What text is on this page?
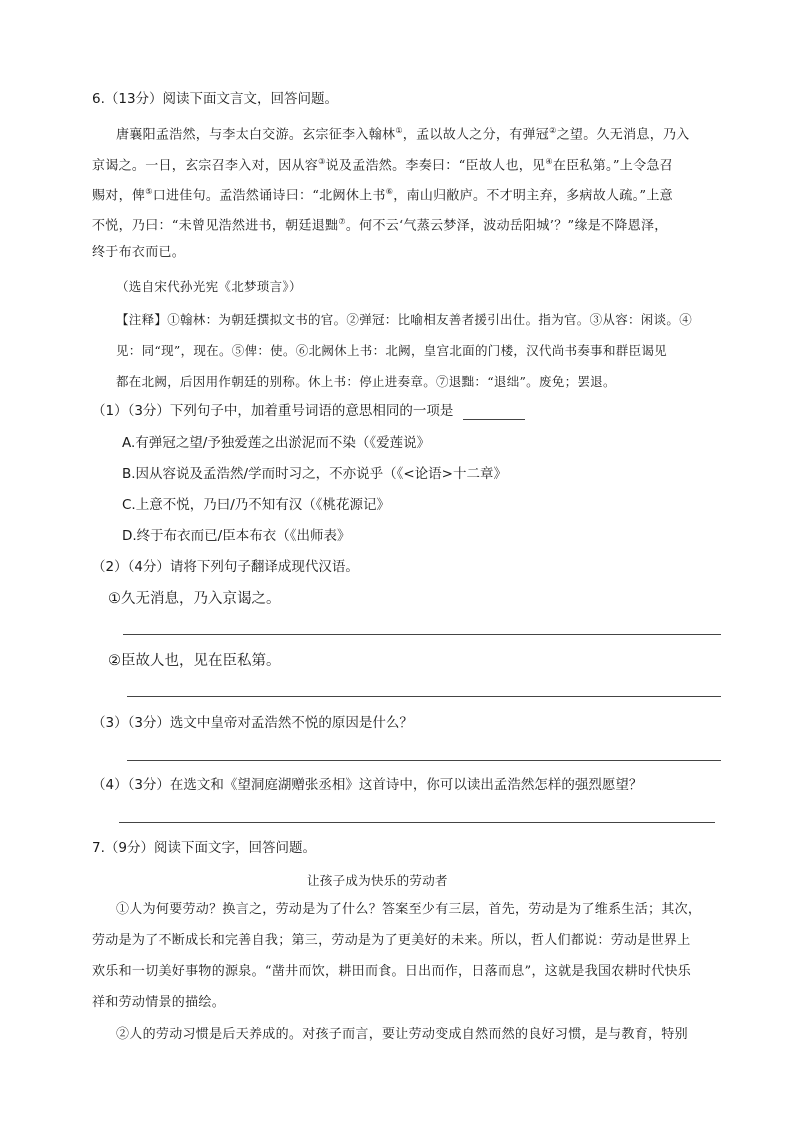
6.（13分）阅读下面文言文，回答问题。
唐襄阳孟浩然，与李太白交游。玄宗征李入翰林①，孟以故人之分，有弹冠②之望。久无消息，乃入
京谒之。一日，玄宗召李入对，因从容③说及孟浩然。李奏曰：“臣故人也，见④在臣私第。”上令急召
赐对，俾⑤口进佳句。孟浩然诵诗曰：“北阙休上书⑥，南山归敝庐。不才明主弃，多病故人疏。”上意
不悦，乃曰：“未曾见浩然进书，朝廷退黜⑦。何不云‘气蒸云梦泽，波动岳阳城’？”缘是不降恩泽，
终于布衣而已。
（选自宋代孙光宪《北梦琐言》）
【注释】①翰林：为朝廷撰拟文书的官。②弹冠：比喻相友善者援引出仕。指为官。③从容：闲谈。④
见：同“现”，现在。⑤俾：使。⑥北阙休上书：北阙，皇宫北面的门楼，汉代尚书奏事和群臣谒见
都在北阙，后因用作朝廷的别称。休上书：停止进奏章。⑦退黜：“退绌”。废免；罢退。
（1）（3分）下列句子中，加着重号词语的意思相同的一项是
A.有弹冠之望/予独爱莲之出淤泥而不染（《爱莲说》
B.因从容说及孟浩然/学而时习之，不亦说乎（《<论语>十二章》
C.上意不悦，乃曰/乃不知有汉（《桃花源记》
D.终于布衣而已/臣本布衣（《出师表》
（2）（4分）请将下列句子翻译成现代汉语。
①久无消息，乃入京谒之。
②臣故人也，见在臣私第。
（3）（3分）选文中皇帝对孟浩然不悦的原因是什么？
（4）（3分）在选文和《望洞庭湖赠张丞相》这首诗中，你可以读出孟浩然怎样的强烈愿望？
7.（9分）阅读下面文字，回答问题。
让孩子成为快乐的劳动者
①人为何要劳动？换言之，劳动是为了什么？答案至少有三层，首先，劳动是为了维系生活；其次，
劳动是为了不断成长和完善自我；第三，劳动是为了更美好的未来。所以，哲人们都说：劳动是世界上
欢乐和一切美好事物的源泉。“凿井而饮，耕田而食。日出而作，日落而息”，这就是我国农耕时代快乐
祥和劳动情景的描绘。
②人的劳动习惯是后天养成的。对孩子而言，要让劳动变成自然而然的良好习惯，是与教育，特别
